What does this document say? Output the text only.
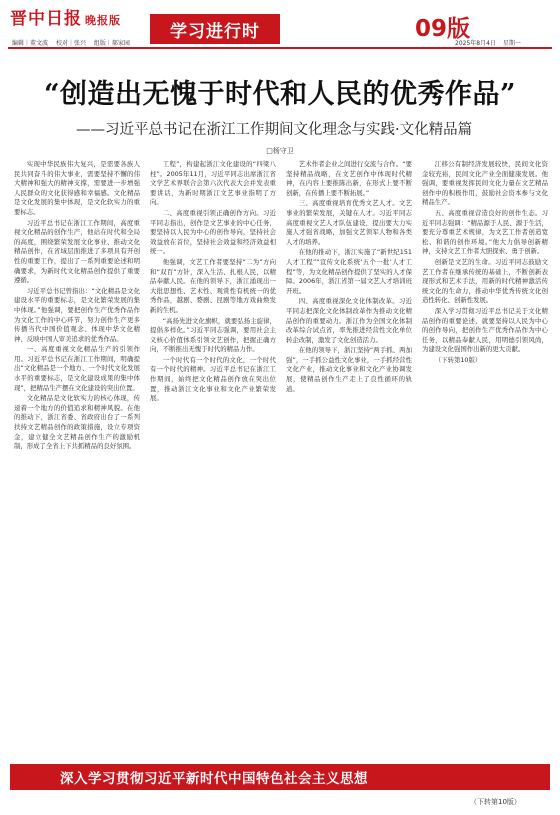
晋中日报 晚报版
编辑｜董文波 校对｜张兴 组版｜郝家园
学习进行时	09版
2025年8月4日 星期一
“创造出无愧于时代和人民的优秀作品”
——习近平总书记在浙江工作期间文化理念与实践·文化精品篇
□杨守卫

实现中华民族伟大复兴，是需要各族人民共同奋斗的伟大事业，需要坚持不懈的伟大精神和强大的精神支撑，需要进一步增强人民群众的文化获得感和幸福感。文化精品是文化发展的集中体现，是文化软实力的重要标志。

习近平总书记在浙江工作期间，高度重视文化精品的创作生产，他站在时代和全局的高度，围绕繁荣发展文化事业、推动文化精品创作，在省域层面推进了多项具有开创性的重要工作，提出了一系列重要论述和明确要求，为新时代文化精品创作提供了重要遵循。

习近平总书记曾指出：“文化精品是文化建设水平的重要标志，是文化繁荣发展的集中体现。”他强调，要把创作生产优秀作品作为文化工作的中心环节，努力创作生产更多传播当代中国价值观念、体现中华文化精神、反映中国人审美追求的优秀作品。

一、高度重视文化精品生产的引领作用。习近平总书记在浙江工作期间，明确提出“文化精品是一个地方、一个时代文化发展水平的重要标志，是文化建设成果的集中体现”，把精品生产摆在文化建设的突出位置。

文化精品是文化软实力的核心体现，传递着一个地方的价值追求和精神风貌。在他的推动下，浙江省委、省政府出台了一系列扶持文艺精品创作的政策措施，设立专项资金，建立健全文艺精品创作生产的激励机制，形成了全省上下共抓精品的良好氛围。

工程”，构建起浙江文化建设的“四梁八柱”。2005年11月，习近平同志出席浙江省文学艺术界联合会第六次代表大会并发表重要讲话，为新时期浙江文艺事业指明了方向。

二、高度重视引领正确创作方向。习近平同志指出，创作是文艺事业的中心任务，要坚持以人民为中心的创作导向，坚持社会效益放在首位，坚持社会效益和经济效益相统一。

他强调，文艺工作者要坚持“二为”方向和“双百”方针，深入生活、扎根人民，以精品奉献人民。在他的领导下，浙江涌现出一大批思想性、艺术性、观赏性有机统一的优秀作品，越剧、婺剧、昆剧等地方戏曲焕发新的生机。

“高扬先进文化旗帜，就要弘扬主旋律，提倡多样化。”习近平同志强调，要用社会主义核心价值体系引领文艺创作，把握正确方向，不断推出无愧于时代的精品力作。

一个时代有一个时代的文化，一个时代有一个时代的精神。习近平总书记在浙江工作期间，始终把文化精品创作放在突出位置，推动浙江文化事业和文化产业繁荣发展。

艺术作者企业之间进行交流与合作。“要坚持精品战略，在文艺创作中体现时代精神，在内容上要推陈出新，在形式上要不断创新，在传播上要不断拓展。”

三、高度重视培育优秀文艺人才。文艺事业的繁荣发展，关键在人才。习近平同志高度重视文艺人才队伍建设，提出要大力实施人才强省战略，加强文艺领军人物和各类人才的培养。

在他的推动下，浙江实施了“新世纪151人才工程”“宣传文化系统‘五个一批’人才工程”等，为文化精品创作提供了坚实的人才保障。2006年，浙江省第一届文艺人才培训班开班。

四、高度重视深化文化体制改革。习近平同志把深化文化体制改革作为推动文化精品创作的重要动力。浙江作为全国文化体制改革综合试点省，率先推进经营性文化单位转企改制，激发了文化创造活力。

在他的领导下，浙江坚持“两手抓、两加强”，一手抓公益性文化事业，一手抓经营性文化产业，推动文化事业和文化产业协调发展，使精品创作生产走上了良性循环的轨道。

江移公有制经济发展较快，民间文化资金较充裕，民间文化产业全面健康发展。他强调，要重视发挥民间文化力量在文艺精品创作中的积极作用，鼓励社会资本参与文化精品生产。

五、高度重视营造良好的创作生态。习近平同志强调：“精品源于人民、源于生活，要充分尊重艺术规律，为文艺工作者创造宽松、和谐的创作环境。”他大力倡导创新精神，支持文艺工作者大胆探索、勇于创新。

创新是文艺的生命。习近平同志鼓励文艺工作者在继承传统的基础上，不断创新表现形式和艺术手法，用新的时代精神激活传统文化的生命力，推动中华优秀传统文化创造性转化、创新性发展。

深入学习贯彻习近平总书记关于文化精品创作的重要论述，就要坚持以人民为中心的创作导向，把创作生产优秀作品作为中心任务，以精品奉献人民，用明德引领风尚，为建设文化强国作出新的更大贡献。

（下转第10版）

深入学习贯彻习近平新时代中国特色社会主义思想
（下转第10版）
